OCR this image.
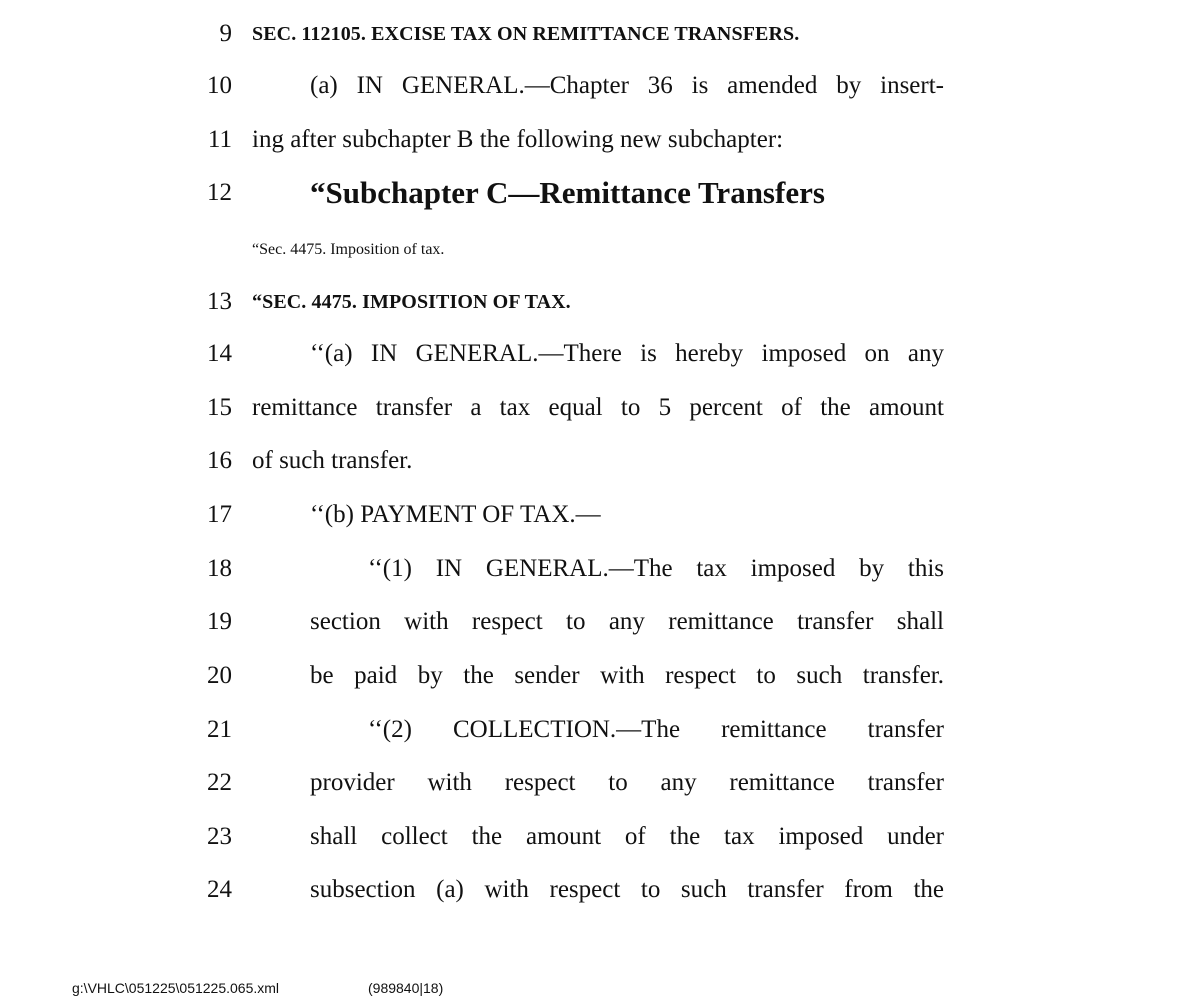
9 SEC. 112105. EXCISE TAX ON REMITTANCE TRANSFERS.
10	(a) IN GENERAL.—Chapter 36 is amended by insert-
11 ing after subchapter B the following new subchapter:
12	“Subchapter C—Remittance Transfers
“Sec. 4475. Imposition of tax.
13 “SEC. 4475. IMPOSITION OF TAX.
14	‘‘(a) IN GENERAL.—There is hereby imposed on any
15 remittance transfer a tax equal to 5 percent of the amount
16 of such transfer.
17	‘‘(b) PAYMENT OF TAX.—
18	‘‘(1) IN GENERAL.—The tax imposed by this
19	section with respect to any remittance transfer shall
20	be paid by the sender with respect to such transfer.
21	‘‘(2) COLLECTION.—The remittance transfer
22	provider with respect to any remittance transfer
23	shall collect the amount of the tax imposed under
24	subsection (a) with respect to such transfer from the
g:\VHLC\051225\051225.065.xml	(989840|18)
